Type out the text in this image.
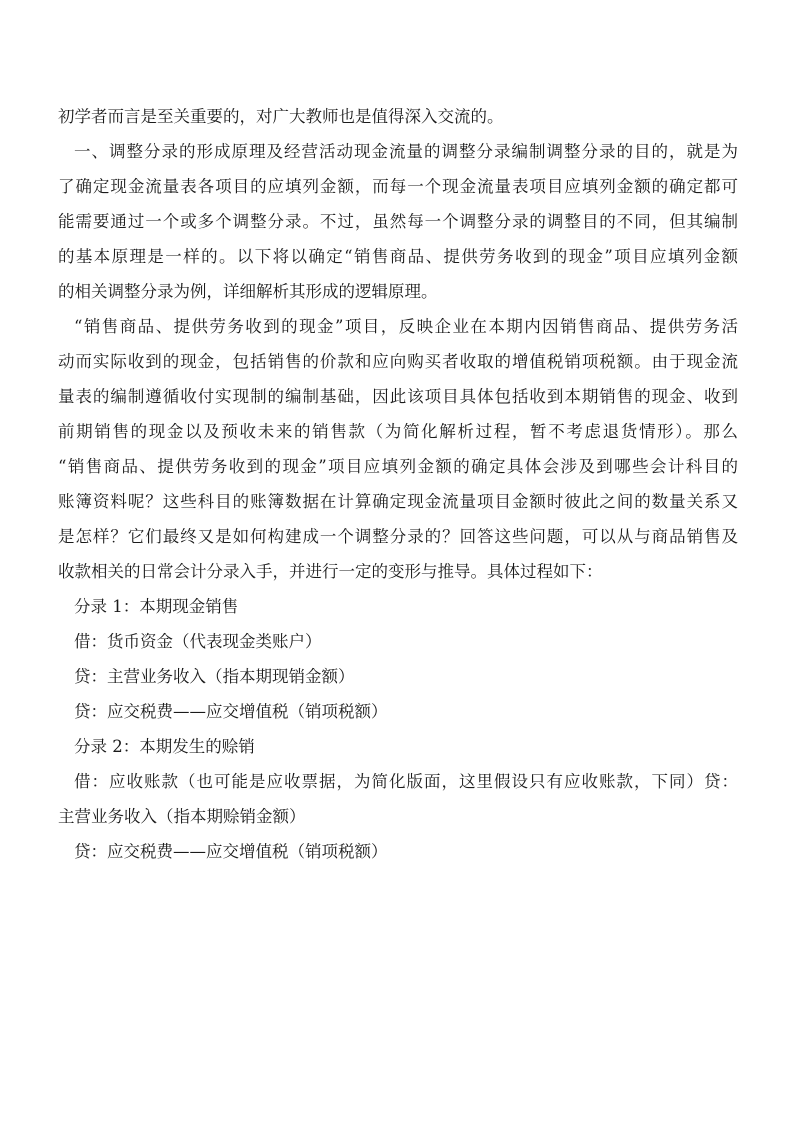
初学者而言是至关重要的，对广大教师也是值得深入交流的。
一、调整分录的形成原理及经营活动现金流量的调整分录编制调整分录的目的，就是为
了确定现金流量表各项目的应填列金额，而每一个现金流量表项目应填列金额的确定都可
能需要通过一个或多个调整分录。不过，虽然每一个调整分录的调整目的不同，但其编制
的基本原理是一样的。以下将以确定“销售商品、提供劳务收到的现金”项目应填列金额
的相关调整分录为例，详细解析其形成的逻辑原理。
“销售商品、提供劳务收到的现金”项目，反映企业在本期内因销售商品、提供劳务活
动而实际收到的现金，包括销售的价款和应向购买者收取的增值税销项税额。由于现金流
量表的编制遵循收付实现制的编制基础，因此该项目具体包括收到本期销售的现金、收到
前期销售的现金以及预收未来的销售款（为简化解析过程，暂不考虑退货情形）。那么
“销售商品、提供劳务收到的现金”项目应填列金额的确定具体会涉及到哪些会计科目的
账簿资料呢？这些科目的账簿数据在计算确定现金流量项目金额时彼此之间的数量关系又
是怎样？它们最终又是如何构建成一个调整分录的？回答这些问题，可以从与商品销售及
收款相关的日常会计分录入手，并进行一定的变形与推导。具体过程如下：
分录 1：本期现金销售
借：货币资金（代表现金类账户）
贷：主营业务收入（指本期现销金额）
贷：应交税费——应交增值税（销项税额）
分录 2：本期发生的赊销
借：应收账款（也可能是应收票据，为简化版面，这里假设只有应收账款，下同）贷：
主营业务收入（指本期赊销金额）
贷：应交税费——应交增值税（销项税额）
